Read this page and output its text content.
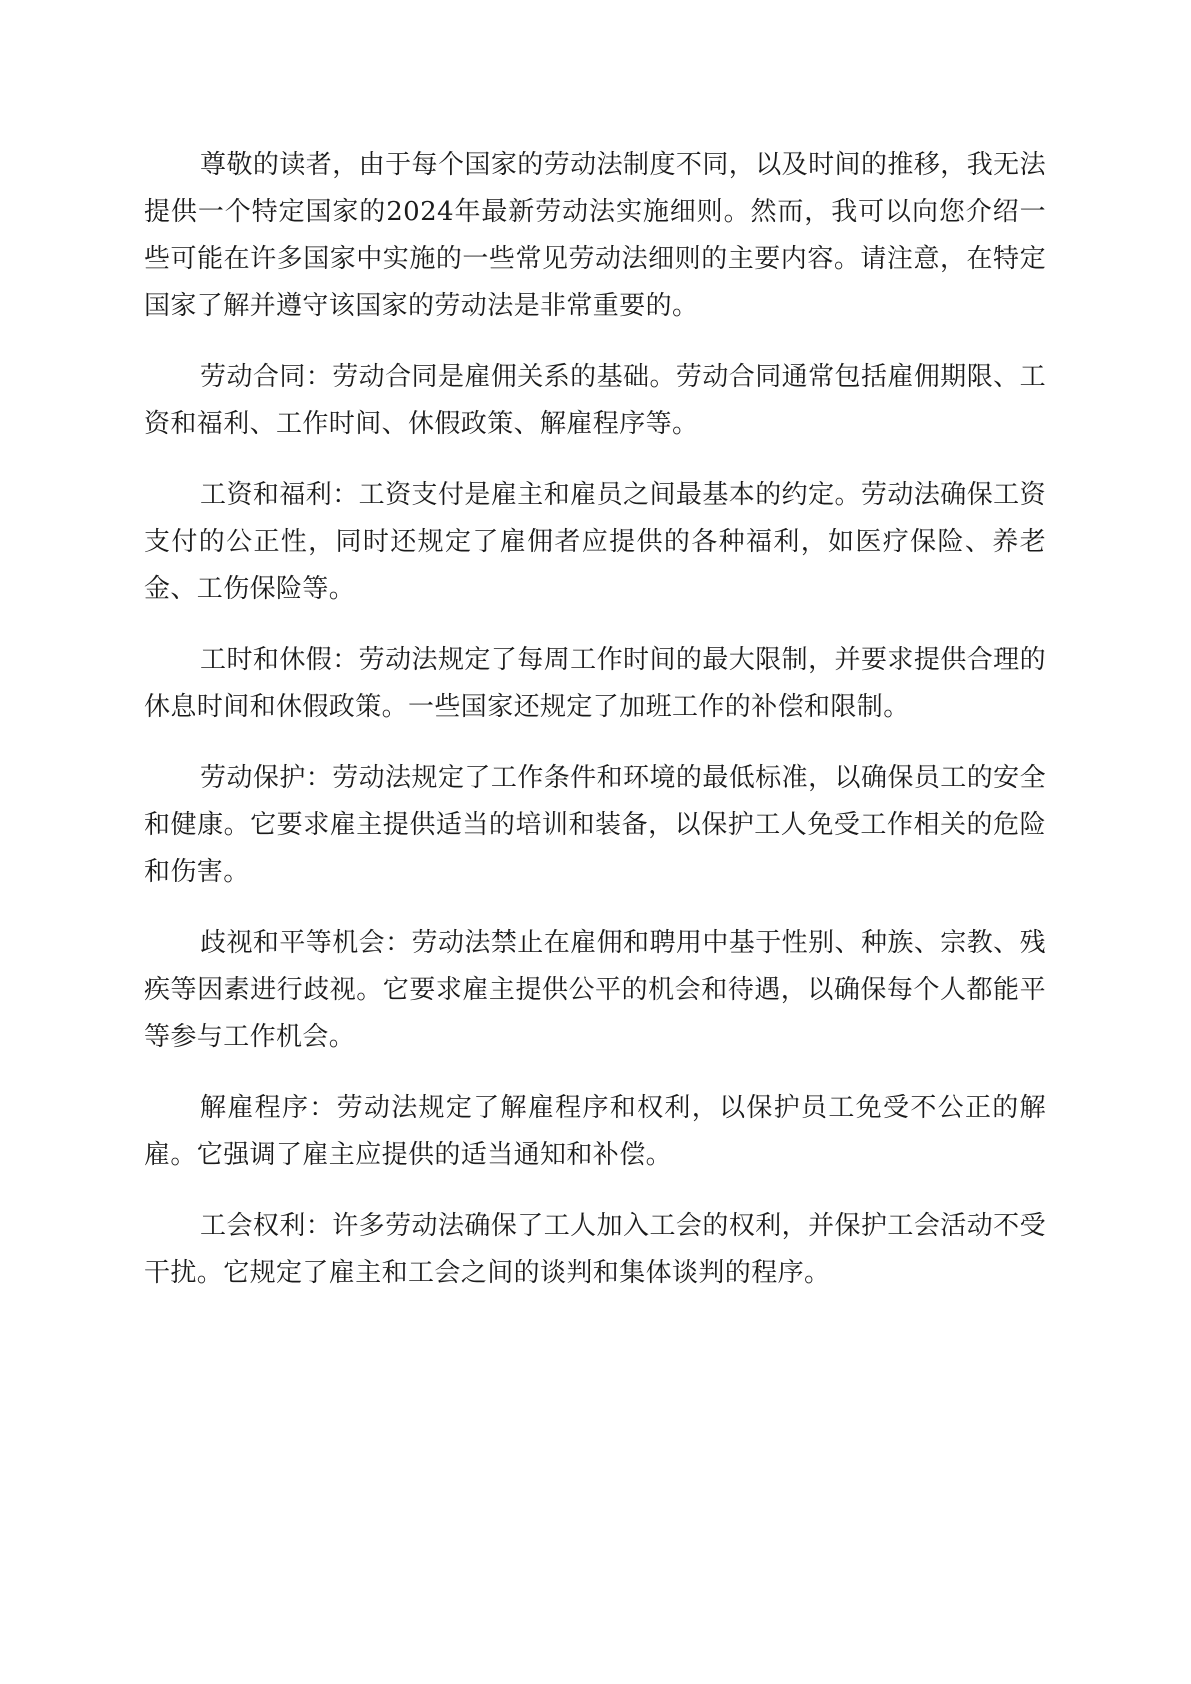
尊敬的读者，由于每个国家的劳动法制度不同，以及时间的推移，我无法提供一个特定国家的2024年最新劳动法实施细则。然而，我可以向您介绍一些可能在许多国家中实施的一些常见劳动法细则的主要内容。请注意，在特定国家了解并遵守该国家的劳动法是非常重要的。

劳动合同：劳动合同是雇佣关系的基础。劳动合同通常包括雇佣期限、工资和福利、工作时间、休假政策、解雇程序等。

工资和福利：工资支付是雇主和雇员之间最基本的约定。劳动法确保工资支付的公正性，同时还规定了雇佣者应提供的各种福利，如医疗保险、养老金、工伤保险等。

工时和休假：劳动法规定了每周工作时间的最大限制，并要求提供合理的休息时间和休假政策。一些国家还规定了加班工作的补偿和限制。

劳动保护：劳动法规定了工作条件和环境的最低标准，以确保员工的安全和健康。它要求雇主提供适当的培训和装备，以保护工人免受工作相关的危险和伤害。

歧视和平等机会：劳动法禁止在雇佣和聘用中基于性别、种族、宗教、残疾等因素进行歧视。它要求雇主提供公平的机会和待遇，以确保每个人都能平等参与工作机会。

解雇程序：劳动法规定了解雇程序和权利，以保护员工免受不公正的解雇。它强调了雇主应提供的适当通知和补偿。

工会权利：许多劳动法确保了工人加入工会的权利，并保护工会活动不受干扰。它规定了雇主和工会之间的谈判和集体谈判的程序。
